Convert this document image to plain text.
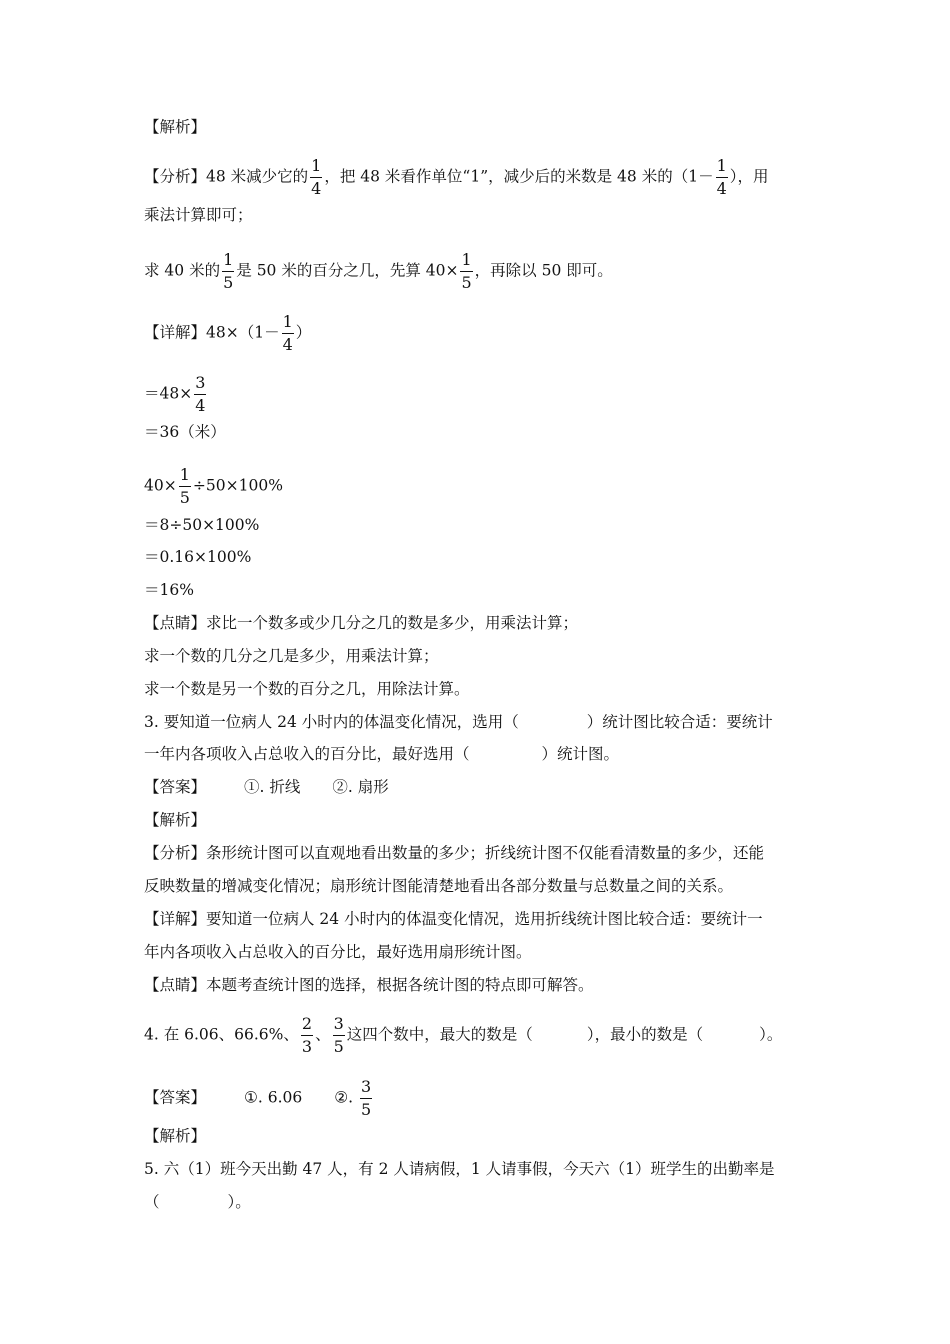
【解析】
【分析】48 米减少它的 $\frac{1}{4}$ ，把 48 米看作单位“1”，减少后的米数是 48 米的（$1- \frac{1}{4}$ ），用
乘法计算即可；
求 40 米的 $\frac{1}{5}$ 是 50 米的百分之几，先算 $40\times \frac{1}{5}$ ，再除以 50 即可。
【详解】$48\times(1- \frac{1}{4}$ ）
$=48\times \frac{3}{4}$
＝36（米）
$40\times \frac{1}{5} \div 50\times 100\%$
＝8÷50×100%
＝0.16×100%
＝16%
【点睛】求比一个数多或少几分之几的数是多少，用乘法计算；
求一个数的几分之几是多少，用乘法计算；
求一个数是另一个数的百分之几，用除法计算。
3. 要知道一位病人 24 小时内的体温变化情况，选用（	）统计图比较合适：要统计
一年内各项收入占总收入的百分比，最好选用（	）统计图。
【答案】 ①. 折线 ②. 扇形
【解析】
【分析】条形统计图可以直观地看出数量的多少；折线统计图不仅能看清数量的多少，还能
反映数量的增减变化情况；扇形统计图能清楚地看出各部分数量与总数量之间的关系。
【详解】要知道一位病人 24 小时内的体温变化情况，选用折线统计图比较合适：要统计一
年内各项收入占总收入的百分比，最好选用扇形统计图。
【点睛】本题考查统计图的选择，根据各统计图的特点即可解答。
4. 在 6.06、66.6%、 $\frac{2}{3}$ 、 $\frac{3}{5}$ 这四个数中，最大的数是（	），最小的数是（	）。
【答案】 ①. 6.06 ②. $\frac{3}{5}$
【解析】
5. 六（1）班今天出勤 47 人，有 2 人请病假，1 人请事假，今天六（1）班学生的出勤率是
（	）。
